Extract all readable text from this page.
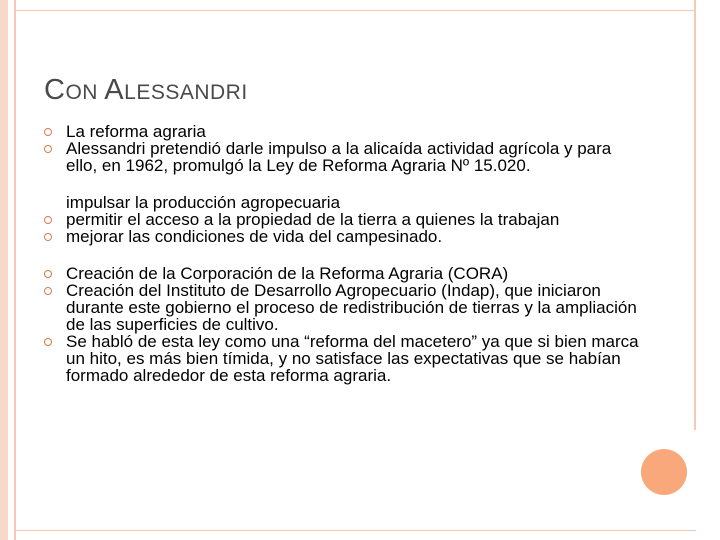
CON ALESSANDRI
La reforma agraria
Alessandri pretendió darle impulso a la alicaída actividad agrícola y para ello, en 1962, promulgó la Ley de Reforma Agraria Nº 15.020.
impulsar la producción agropecuaria
permitir el acceso a la propiedad de la tierra a quienes la trabajan
mejorar las condiciones de vida del campesinado.
Creación de la Corporación de la Reforma Agraria (CORA)
Creación del Instituto de Desarrollo Agropecuario (Indap), que iniciaron durante este gobierno el proceso de redistribución de tierras y la ampliación de las superficies de cultivo.
Se habló de esta ley como una “reforma del macetero” ya que si bien marca un hito, es más bien tímida, y no satisface las expectativas que se habían formado alrededor de esta reforma agraria.
